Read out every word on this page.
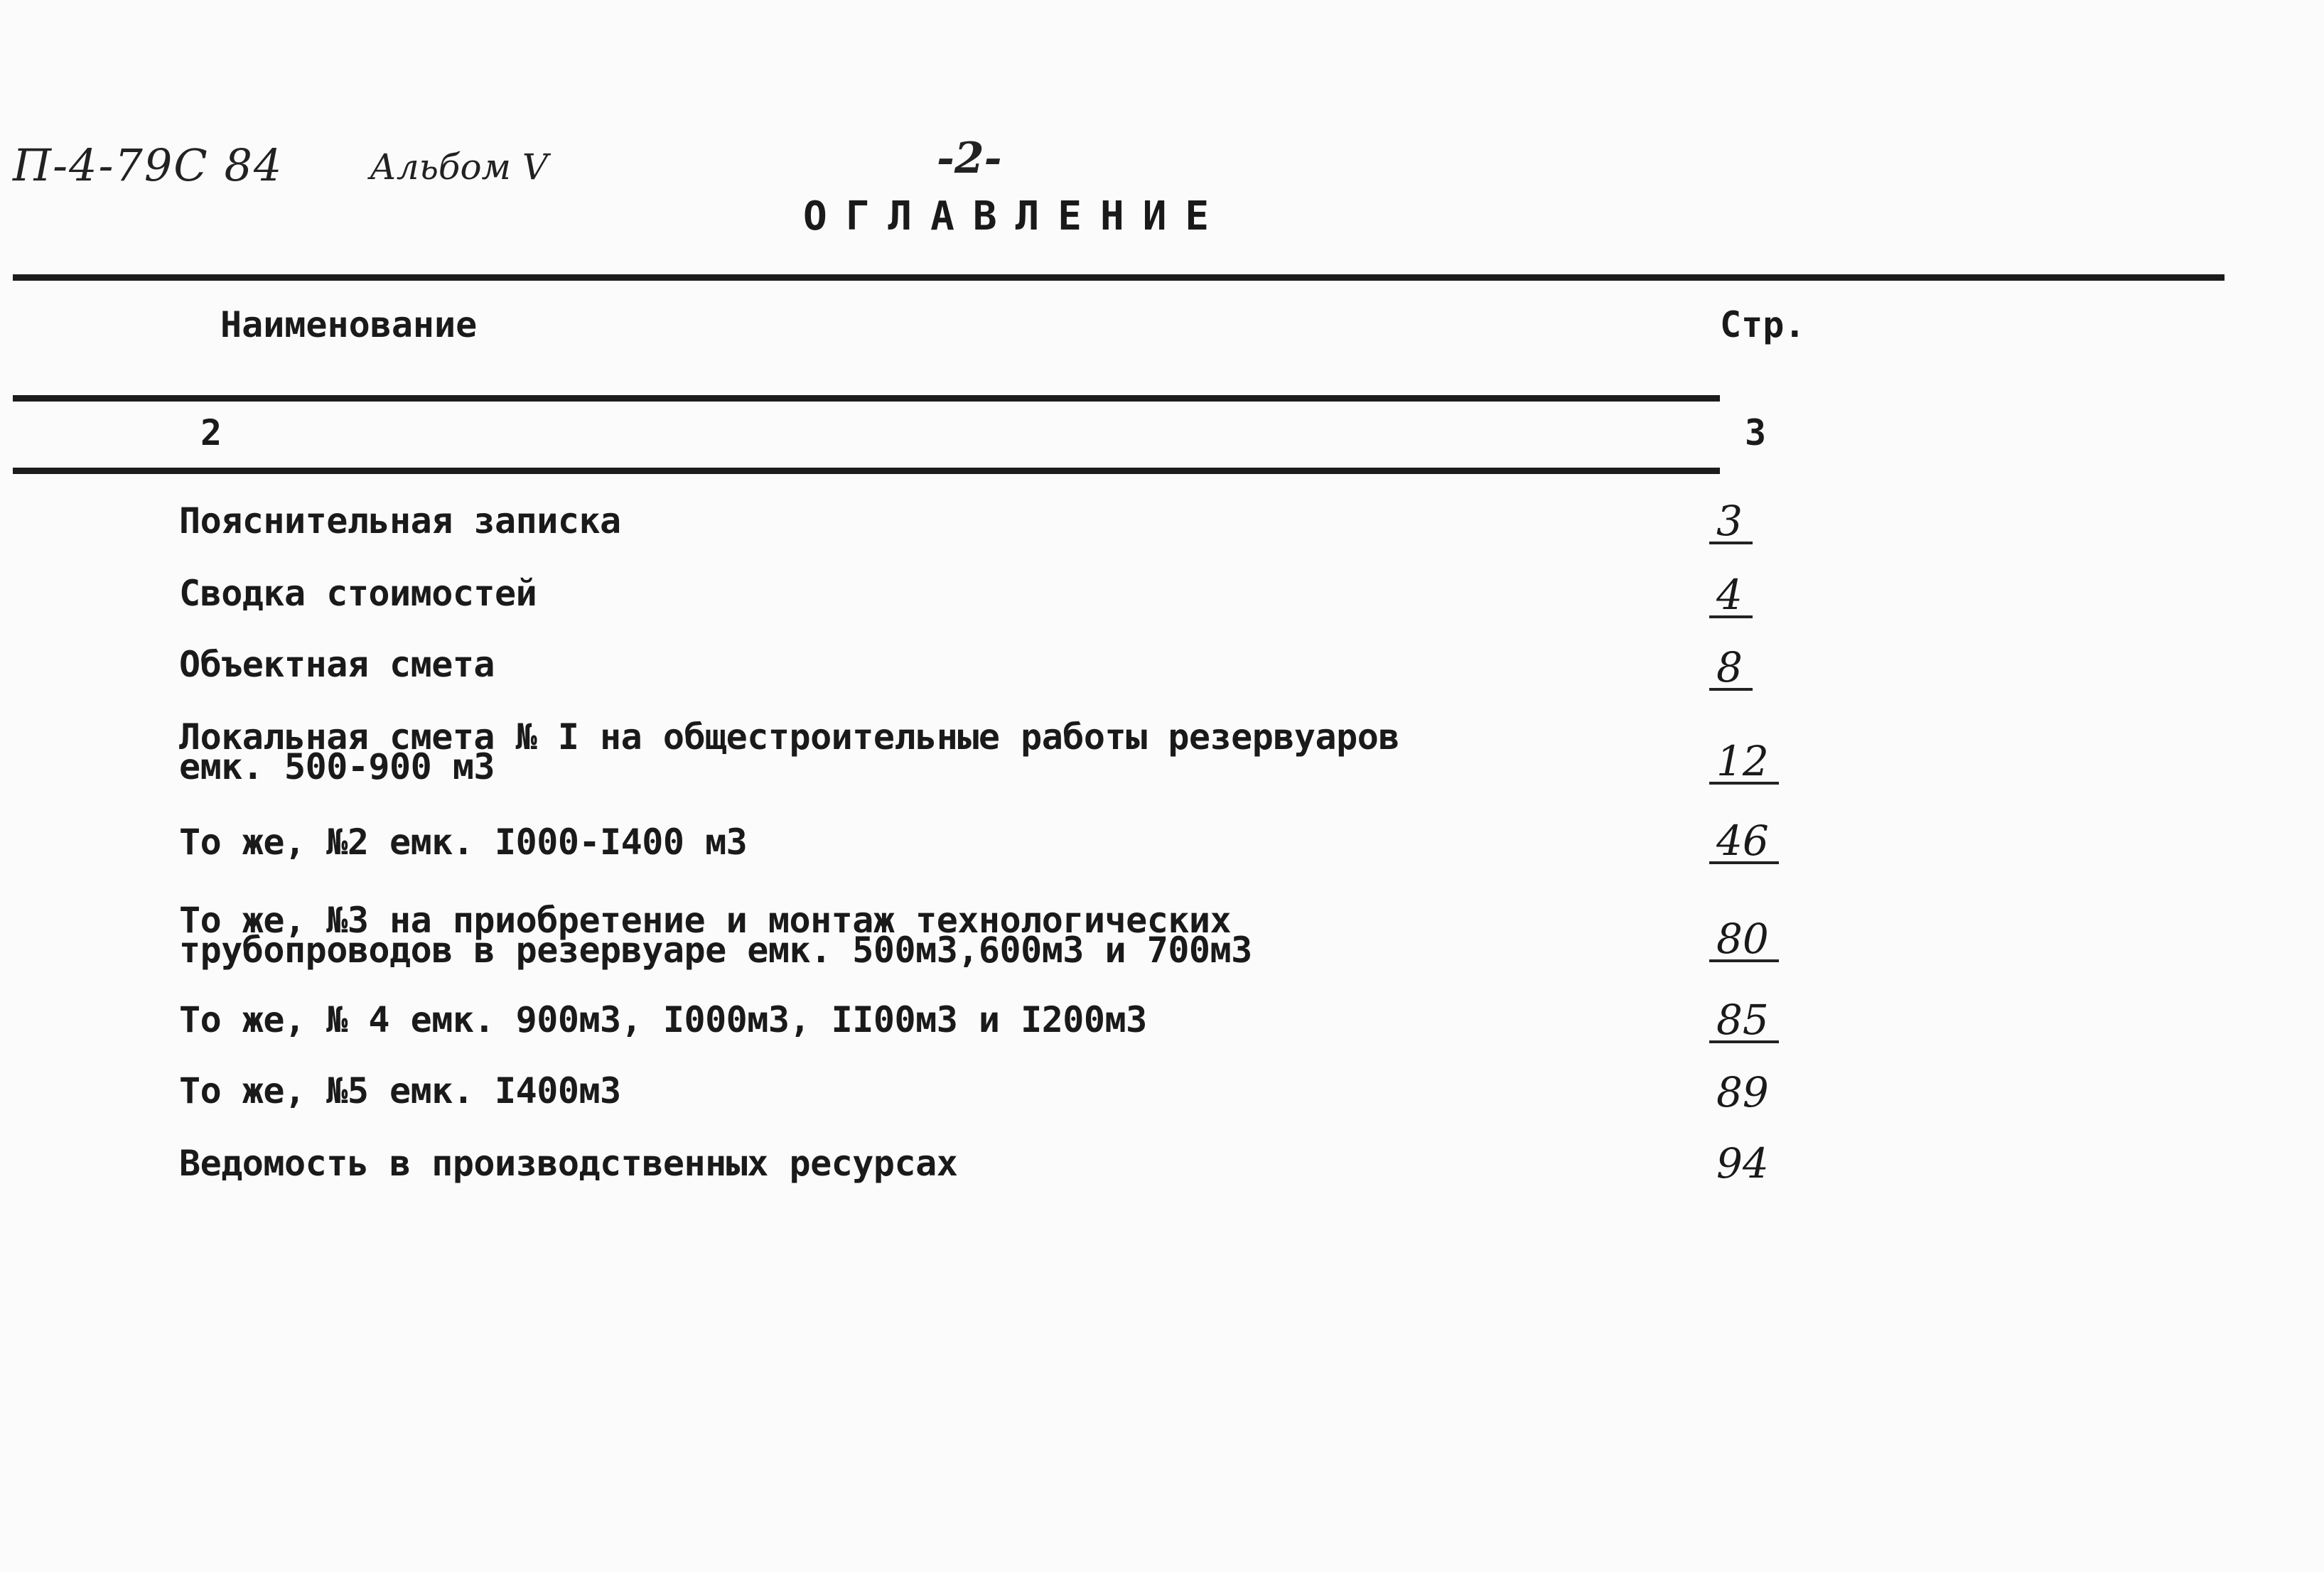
П-4-79С 84 Альбом V	-2-
ОГЛАВЛЕНИЕ
Наименование	Стр.
2	3
Пояснительная записка	3
Сводка стоимостей	4
Объектная смета	8
Локальная смета № I на общестроительные работы резервуаров
емк. 500-900 м3	12
То же, №2 емк. I000-I400 м3	46
То же, №3 на приобретение и монтаж технологических
трубопроводов в резервуаре емк. 500м3,600м3 и 700м3	80
То же, № 4 емк. 900м3, I000м3, II00м3 и I200м3	85
То же, №5 емк. I400м3	89
Ведомость в производственных ресурсах	94
